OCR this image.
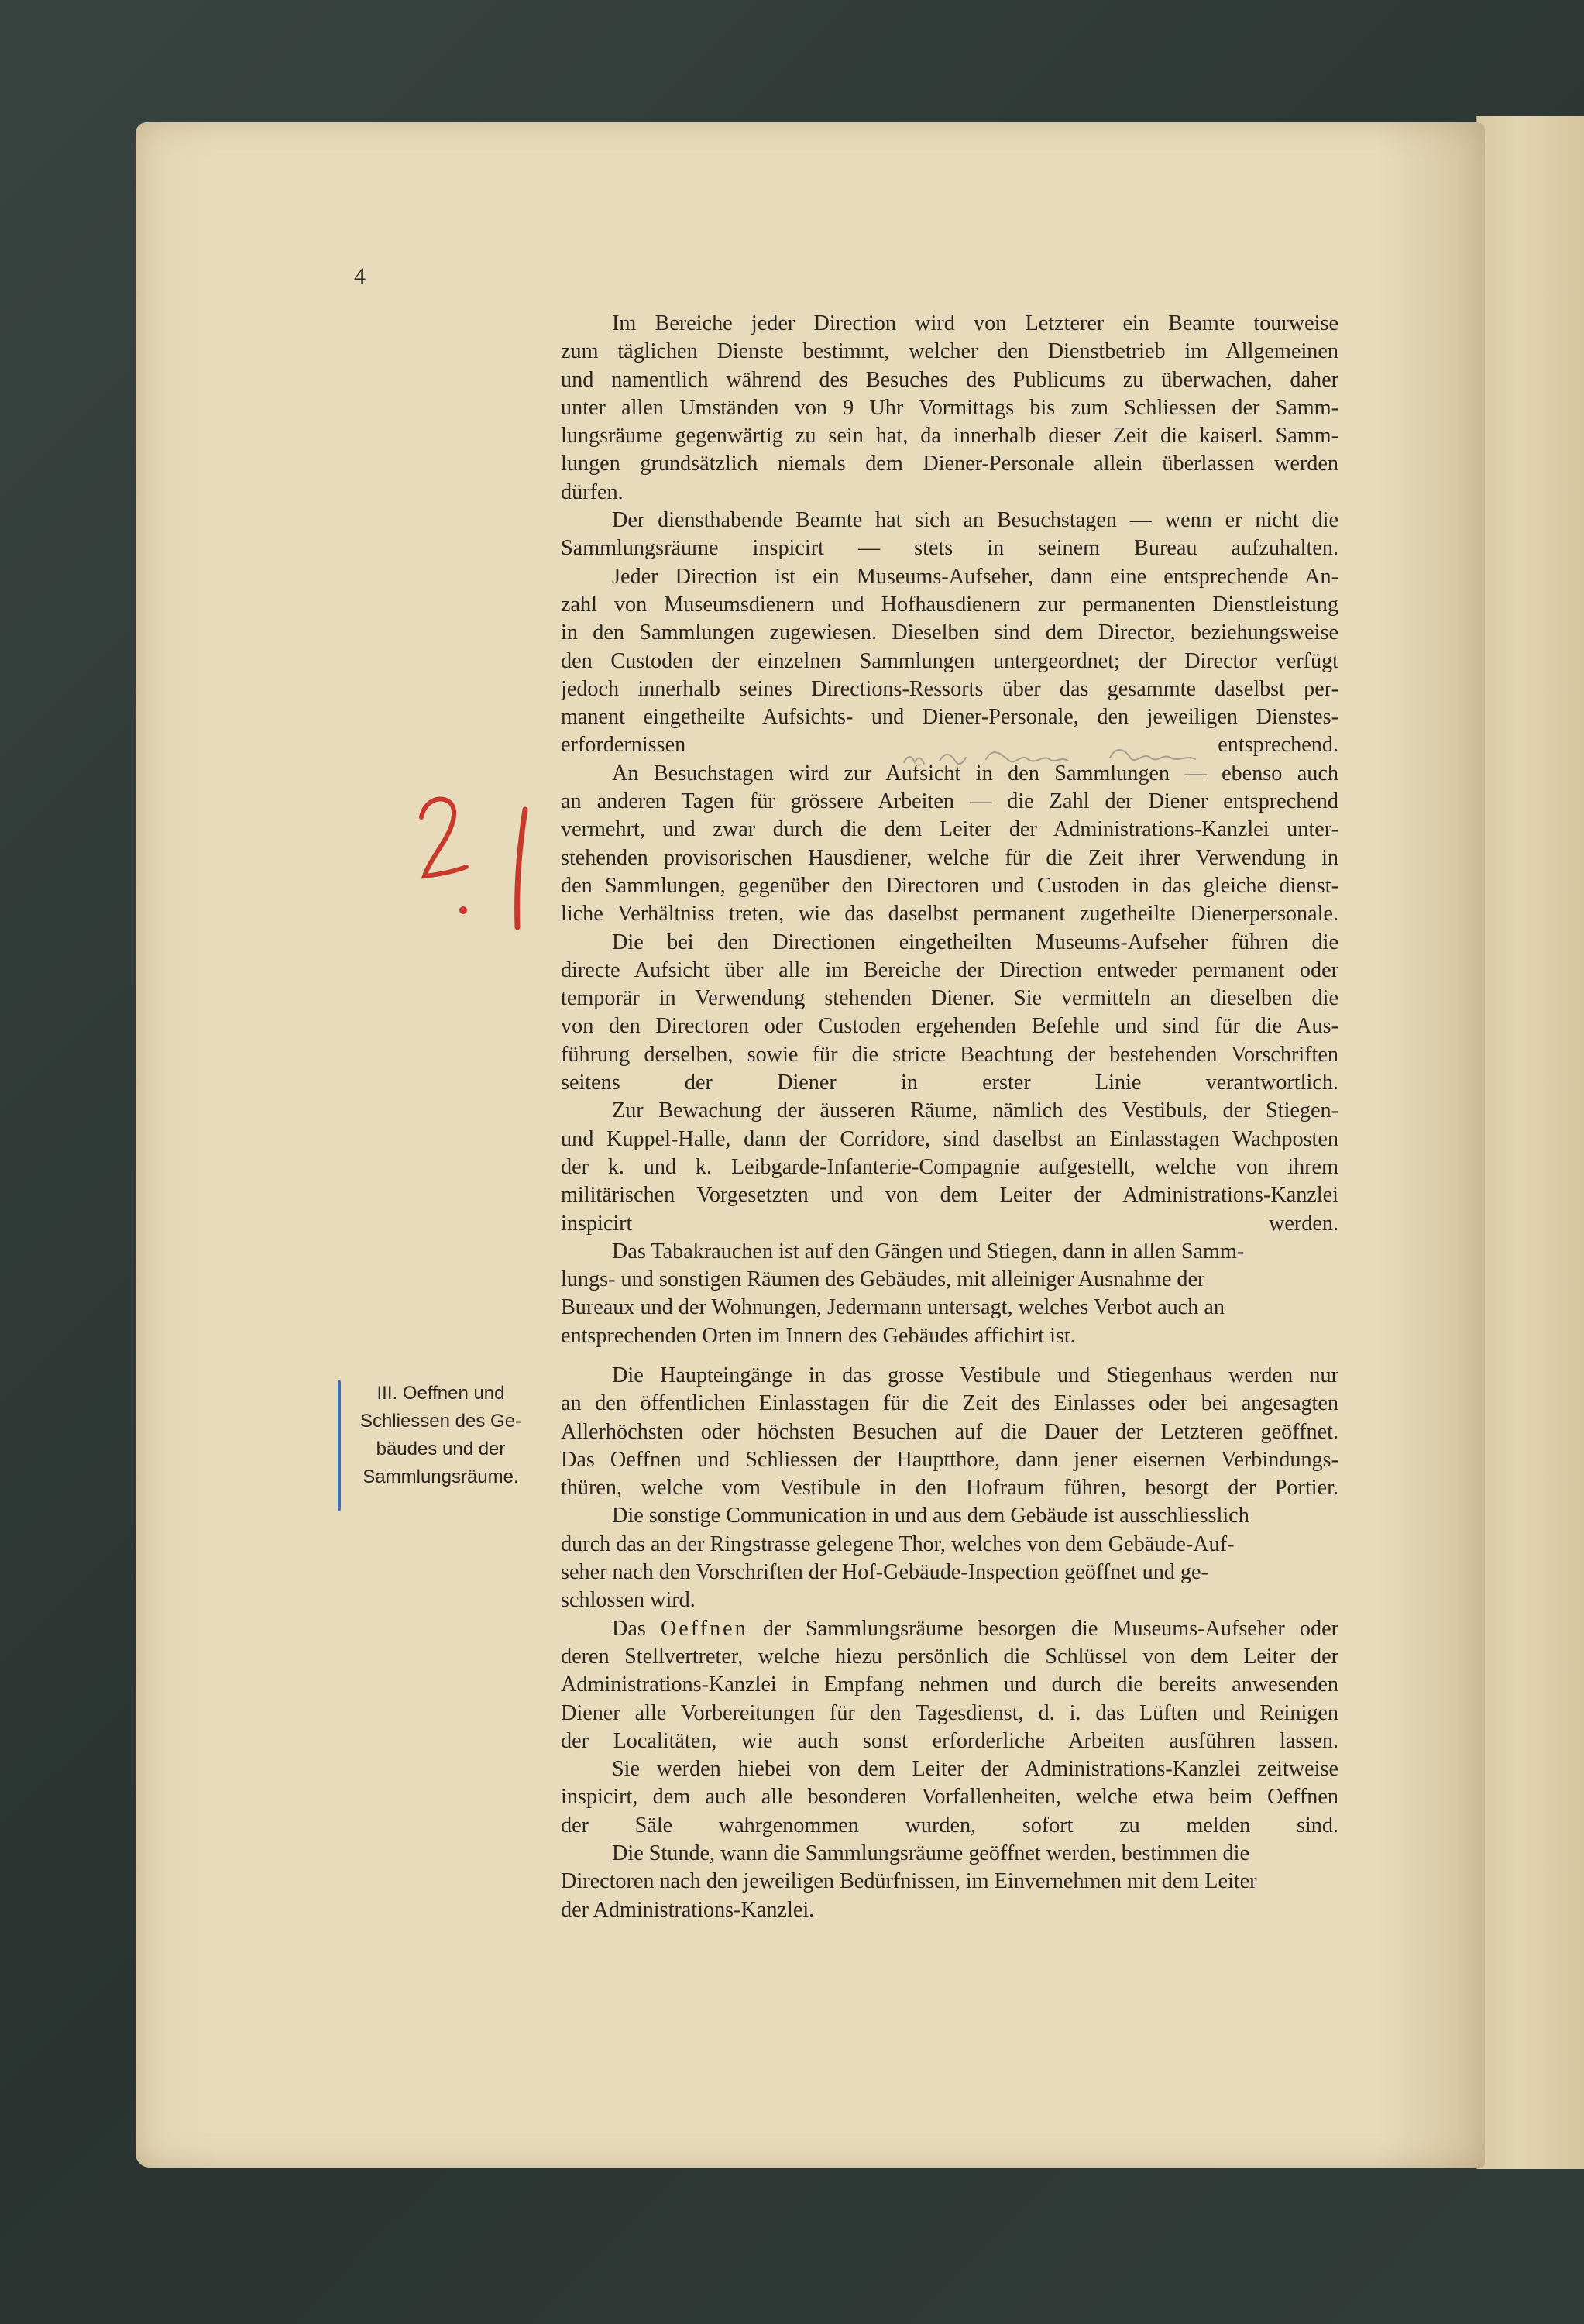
4

Im Bereiche jeder Direction wird von Letzterer ein Beamte tourweise
zum täglichen Dienste bestimmt, welcher den Dienstbetrieb im Allgemeinen
und namentlich während des Besuches des Publicums zu überwachen, daher
unter allen Umständen von 9 Uhr Vormittags bis zum Schliessen der Samm-
lungsräume gegenwärtig zu sein hat, da innerhalb dieser Zeit die kaiserl. Samm-
lungen grundsätzlich niemals dem Diener-Personale allein überlassen werden
dürfen.

Der diensthabende Beamte hat sich an Besuchstagen — wenn er nicht die
Sammlungsräume inspicirt — stets in seinem Bureau aufzuhalten.

Jeder Direction ist ein Museums-Aufseher, dann eine entsprechende An-
zahl von Museumsdienern und Hofhausdienern zur permanenten Dienstleistung
in den Sammlungen zugewiesen. Dieselben sind dem Director, beziehungsweise
den Custoden der einzelnen Sammlungen untergeordnet; der Director verfügt
jedoch innerhalb seines Directions-Ressorts über das gesammte daselbst per-
manent eingetheilte Aufsichts- und Diener-Personale, den jeweiligen Dienstes-
erfordernissen entsprechend.

An Besuchstagen wird zur Aufsicht in den Sammlungen — ebenso auch
an anderen Tagen für grössere Arbeiten — die Zahl der Diener entsprechend
vermehrt, und zwar durch die dem Leiter der Administrations-Kanzlei unter-
stehenden provisorischen Hausdiener, welche für die Zeit ihrer Verwendung in
den Sammlungen, gegenüber den Directoren und Custoden in das gleiche dienst-
liche Verhältniss treten, wie das daselbst permanent zugetheilte Dienerpersonale.

Die bei den Directionen eingetheilten Museums-Aufseher führen die
directe Aufsicht über alle im Bereiche der Direction entweder permanent oder
temporär in Verwendung stehenden Diener. Sie vermitteln an dieselben die
von den Directoren oder Custoden ergehenden Befehle und sind für die Aus-
führung derselben, sowie für die stricte Beachtung der bestehenden Vorschriften
seitens der Diener in erster Linie verantwortlich.

Zur Bewachung der äusseren Räume, nämlich des Vestibuls, der Stiegen-
und Kuppel-Halle, dann der Corridore, sind daselbst an Einlasstagen Wachposten
der k. und k. Leibgarde-Infanterie-Compagnie aufgestellt, welche von ihrem
militärischen Vorgesetzten und von dem Leiter der Administrations-Kanzlei
inspicirt werden.

Das Tabakrauchen ist auf den Gängen und Stiegen, dann in allen Samm-
lungs- und sonstigen Räumen des Gebäudes, mit alleiniger Ausnahme der
Bureaux und der Wohnungen, Jedermann untersagt, welches Verbot auch an
entsprechenden Orten im Innern des Gebäudes affichirt ist.

Die Haupteingänge in das grosse Vestibule und Stiegenhaus werden nur
an den öffentlichen Einlasstagen für die Zeit des Einlasses oder bei angesagten
Allerhöchsten oder höchsten Besuchen auf die Dauer der Letzteren geöffnet.
Das Oeffnen und Schliessen der Hauptthore, dann jener eisernen Verbindungs-
thüren, welche vom Vestibule in den Hofraum führen, besorgt der Portier.

Die sonstige Communication in und aus dem Gebäude ist ausschliesslich
durch das an der Ringstrasse gelegene Thor, welches von dem Gebäude-Auf-
seher nach den Vorschriften der Hof-Gebäude-Inspection geöffnet und ge-
schlossen wird.

Das Oeffnen der Sammlungsräume besorgen die Museums-Aufseher oder
deren Stellvertreter, welche hiezu persönlich die Schlüssel von dem Leiter der
Administrations-Kanzlei in Empfang nehmen und durch die bereits anwesenden
Diener alle Vorbereitungen für den Tagesdienst, d. i. das Lüften und Reinigen
der Localitäten, wie auch sonst erforderliche Arbeiten ausführen lassen.

Sie werden hiebei von dem Leiter der Administrations-Kanzlei zeitweise
inspicirt, dem auch alle besonderen Vorfallenheiten, welche etwa beim Oeffnen
der Säle wahrgenommen wurden, sofort zu melden sind.

Die Stunde, wann die Sammlungsräume geöffnet werden, bestimmen die
Directoren nach den jeweiligen Bedürfnissen, im Einvernehmen mit dem Leiter
der Administrations-Kanzlei.

III. Oeffnen und
Schliessen des Ge-
bäudes und der
Sammlungsräume.
